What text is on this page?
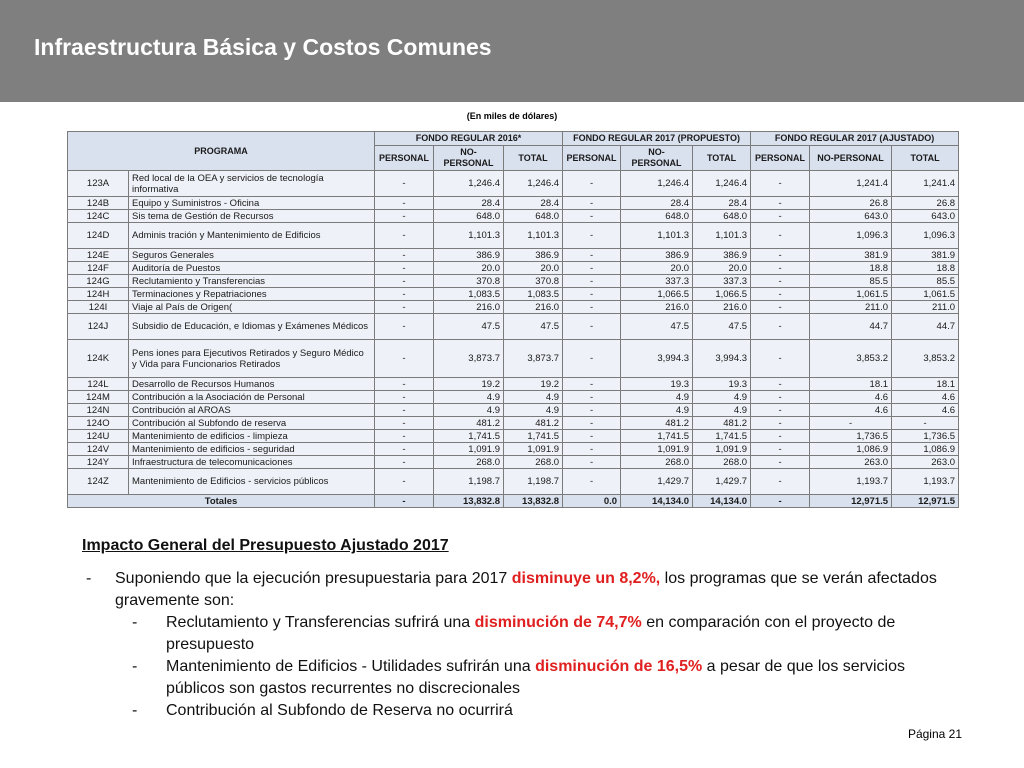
Infraestructura Básica y Costos Comunes
(En miles de dólares)
PROGRAMA		FONDO REGULAR 2016*			FONDO REGULAR 2017 (PROPUESTO)			FONDO REGULAR 2017 (AJUSTADO)		
		PERSONAL	NO-PERSONAL	TOTAL	PERSONAL	NO-PERSONAL	TOTAL	PERSONAL	NO-PERSONAL	TOTAL
123A	Red local de la OEA y servicios de tecnología informativa	-	1,246.4	1,246.4	-	1,246.4	1,246.4	-	1,241.4	1,241.4
124B	Equipo y Suministros - Oficina	-	28.4	28.4	-	28.4	28.4	-	26.8	26.8
124C	Sis tema de Gestión de Recursos	-	648.0	648.0	-	648.0	648.0	-	643.0	643.0
124D	Adminis tración y Mantenimiento de Edificios	-	1,101.3	1,101.3	-	1,101.3	1,101.3	-	1,096.3	1,096.3
124E	Seguros Generales	-	386.9	386.9	-	386.9	386.9	-	381.9	381.9
124F	Auditoría de Puestos	-	20.0	20.0	-	20.0	20.0	-	18.8	18.8
124G	Reclutamiento y Transferencias	-	370.8	370.8	-	337.3	337.3	-	85.5	85.5
124H	Terminaciones y Repatriaciones	-	1,083.5	1,083.5	-	1,066.5	1,066.5	-	1,061.5	1,061.5
124I	Viaje al País de Origen(	-	216.0	216.0	-	216.0	216.0	-	211.0	211.0
124J	Subsidio de Educación, e Idiomas y Exámenes Médicos	-	47.5	47.5	-	47.5	47.5	-	44.7	44.7
124K	Pens iones para Ejecutivos Retirados y Seguro Médico y Vida para Funcionarios Retirados	-	3,873.7	3,873.7	-	3,994.3	3,994.3	-	3,853.2	3,853.2
124L	Desarrollo de Recursos Humanos	-	19.2	19.2	-	19.3	19.3	-	18.1	18.1
124M	Contribución a la Asociación de Personal	-	4.9	4.9	-	4.9	4.9	-	4.6	4.6
124N	Contribución al AROAS	-	4.9	4.9	-	4.9	4.9	-	4.6	4.6
124O	Contribución al Subfondo de reserva	-	481.2	481.2	-	481.2	481.2	-	-	-
124U	Mantenimiento de edificios - limpieza	-	1,741.5	1,741.5	-	1,741.5	1,741.5	-	1,736.5	1,736.5
124V	Mantenimiento de edificios - seguridad	-	1,091.9	1,091.9	-	1,091.9	1,091.9	-	1,086.9	1,086.9
124Y	Infraestructura de telecomunicaciones	-	268.0	268.0	-	268.0	268.0	-	263.0	263.0
124Z	Mantenimiento de Edificios - servicios públicos	-	1,198.7	1,198.7	-	1,429.7	1,429.7	-	1,193.7	1,193.7
Totales		-	13,832.8	13,832.8	0.0	14,134.0	14,134.0	-	12,971.5	12,971.5
Impacto General del Presupuesto Ajustado 2017
- Suponiendo que la ejecución presupuestaria para 2017 disminuye un 8,2%, los programas que se verán afectados gravemente son:
- Reclutamiento y Transferencias sufrirá una disminución de 74,7% en comparación con el proyecto de presupuesto
- Mantenimiento de Edificios - Utilidades sufrirán una disminución de 16,5% a pesar de que los servicios públicos son gastos recurrentes no discrecionales
- Contribución al Subfondo de Reserva no ocurrirá
Página 21
